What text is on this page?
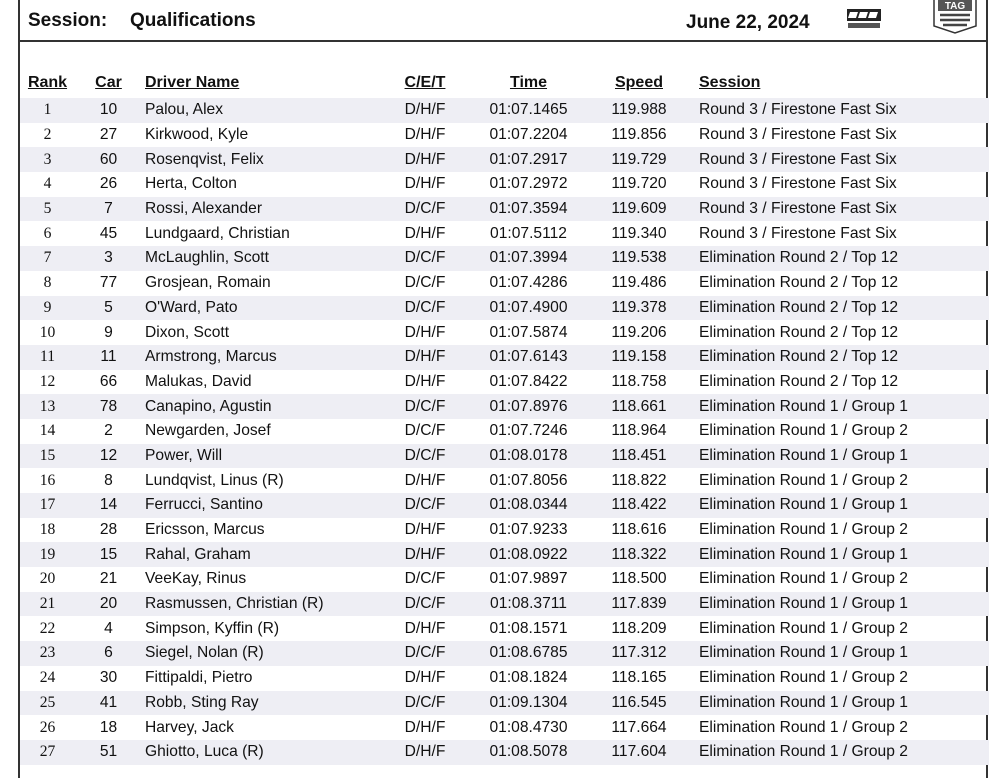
Session: Qualifications	June 22, 2024
TAG
Rank	Car	Driver Name	C/E/T	Time	Speed	Session
1	10	Palou, Alex	D/H/F	01:07.1465	119.988	Round 3 / Firestone Fast Six
2	27	Kirkwood, Kyle	D/H/F	01:07.2204	119.856	Round 3 / Firestone Fast Six
3	60	Rosenqvist, Felix	D/H/F	01:07.2917	119.729	Round 3 / Firestone Fast Six
4	26	Herta, Colton	D/H/F	01:07.2972	119.720	Round 3 / Firestone Fast Six
5	7	Rossi, Alexander	D/C/F	01:07.3594	119.609	Round 3 / Firestone Fast Six
6	45	Lundgaard, Christian	D/H/F	01:07.5112	119.340	Round 3 / Firestone Fast Six
7	3	McLaughlin, Scott	D/C/F	01:07.3994	119.538	Elimination Round 2 / Top 12
8	77	Grosjean, Romain	D/C/F	01:07.4286	119.486	Elimination Round 2 / Top 12
9	5	O'Ward, Pato	D/C/F	01:07.4900	119.378	Elimination Round 2 / Top 12
10	9	Dixon, Scott	D/H/F	01:07.5874	119.206	Elimination Round 2 / Top 12
11	11	Armstrong, Marcus	D/H/F	01:07.6143	119.158	Elimination Round 2 / Top 12
12	66	Malukas, David	D/H/F	01:07.8422	118.758	Elimination Round 2 / Top 12
13	78	Canapino, Agustin	D/C/F	01:07.8976	118.661	Elimination Round 1 / Group 1
14	2	Newgarden, Josef	D/C/F	01:07.7246	118.964	Elimination Round 1 / Group 2
15	12	Power, Will	D/C/F	01:08.0178	118.451	Elimination Round 1 / Group 1
16	8	Lundqvist, Linus (R)	D/H/F	01:07.8056	118.822	Elimination Round 1 / Group 2
17	14	Ferrucci, Santino	D/C/F	01:08.0344	118.422	Elimination Round 1 / Group 1
18	28	Ericsson, Marcus	D/H/F	01:07.9233	118.616	Elimination Round 1 / Group 2
19	15	Rahal, Graham	D/H/F	01:08.0922	118.322	Elimination Round 1 / Group 1
20	21	VeeKay, Rinus	D/C/F	01:07.9897	118.500	Elimination Round 1 / Group 2
21	20	Rasmussen, Christian (R)	D/C/F	01:08.3711	117.839	Elimination Round 1 / Group 1
22	4	Simpson, Kyffin (R)	D/H/F	01:08.1571	118.209	Elimination Round 1 / Group 2
23	6	Siegel, Nolan (R)	D/C/F	01:08.6785	117.312	Elimination Round 1 / Group 1
24	30	Fittipaldi, Pietro	D/H/F	01:08.1824	118.165	Elimination Round 1 / Group 2
25	41	Robb, Sting Ray	D/C/F	01:09.1304	116.545	Elimination Round 1 / Group 1
26	18	Harvey, Jack	D/H/F	01:08.4730	117.664	Elimination Round 1 / Group 2
27	51	Ghiotto, Luca (R)	D/H/F	01:08.5078	117.604	Elimination Round 1 / Group 2
